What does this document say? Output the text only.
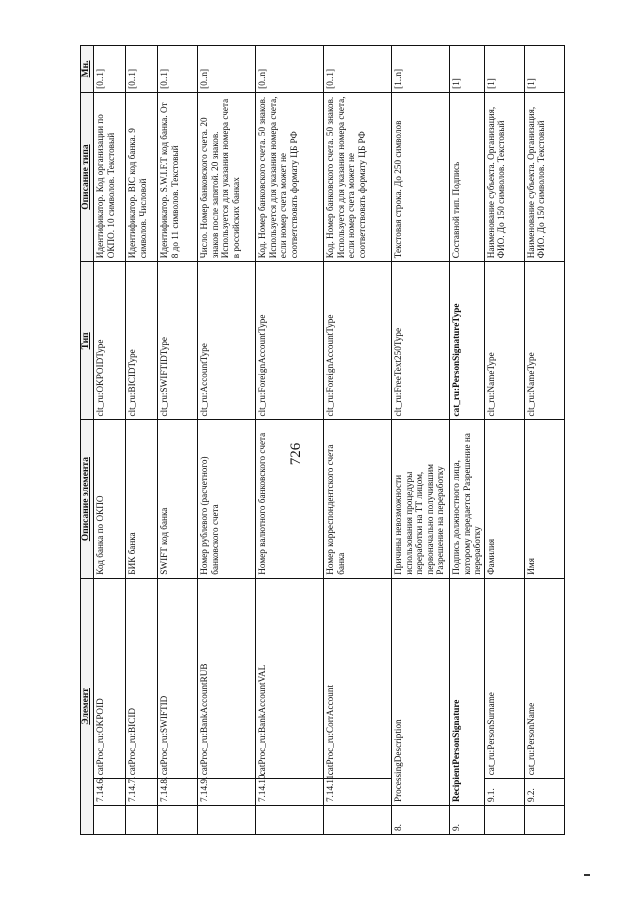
726
Элемент			Описание элемента	Тип	Описание типа	Мн.
	7.14.6.	catProc_ru:OKPOID	Код банка по ОКПО	clt_ru:OKPOIDType	Идентификатор. Код организации по ОКПО. 10 символов. Текстовый	[0..1]
	7.14.7.	catProc_ru:BICID	БИК банка	clt_ru:BICIDType	Идентификатор. BIC код банка. 9 символов. Числовой	[0..1]
	7.14.8.	catProc_ru:SWIFTID	SWIFT код банка	clt_ru:SWIFTIDType	Идентификатор. S.W.I.F.T код банка. От 8 до 11 символов. Текстовый	[0..1]
	7.14.9.	catProc_ru:BankAccountRUB	Номер рублевого (расчетного) банковского счета	clt_ru:AccountType	Число. Номер банковского счета. 20 знаков после запятой. 20 знаков. Используется для указания номера счета в российских банках	[0..n]
	7.14.10.	catProc_ru:BankAccountVAL	Номер валютного банковского счета	clt_ru:ForeignAccountType	Код. Номер банковского счета. 50 знаков. Используется для указания номера счета, если номер счета может не соответствовать формату ЦБ РФ	[0..n]
	7.14.11.	catProc_ru:CorrAccount	Номер корреспондентского счета банка	clt_ru:ForeignAccountType	Код. Номер банковского счета. 50 знаков. Используется для указания номера счета, если номер счета может не соответствовать формату ЦБ РФ	[0..1]
8.	ProcessingDescription		Причины невозможности использования процедуры переработки на ТТ лицом, первоначально получившим Разрешение на переработку	clt_ru:FreeText250Type	Текстовая строка. До 250 символов	[1..n]
9.	RecipientPersonSignature		Подпись должностного лица, которому передается Разрешение на переработку	cat_ru:PersonSignatureType	Составной тип. Подпись	[1]
	9.1.	cat_ru:PersonSurname	Фамилия	clt_ru:NameType	Наименование субъекта. Организация, ФИО. До 150 символов. Текстовый	[1]
	9.2.	cat_ru:PersonName	Имя	clt_ru:NameType	Наименование субъекта. Организация, ФИО. До 150 символов. Текстовый	[1]
